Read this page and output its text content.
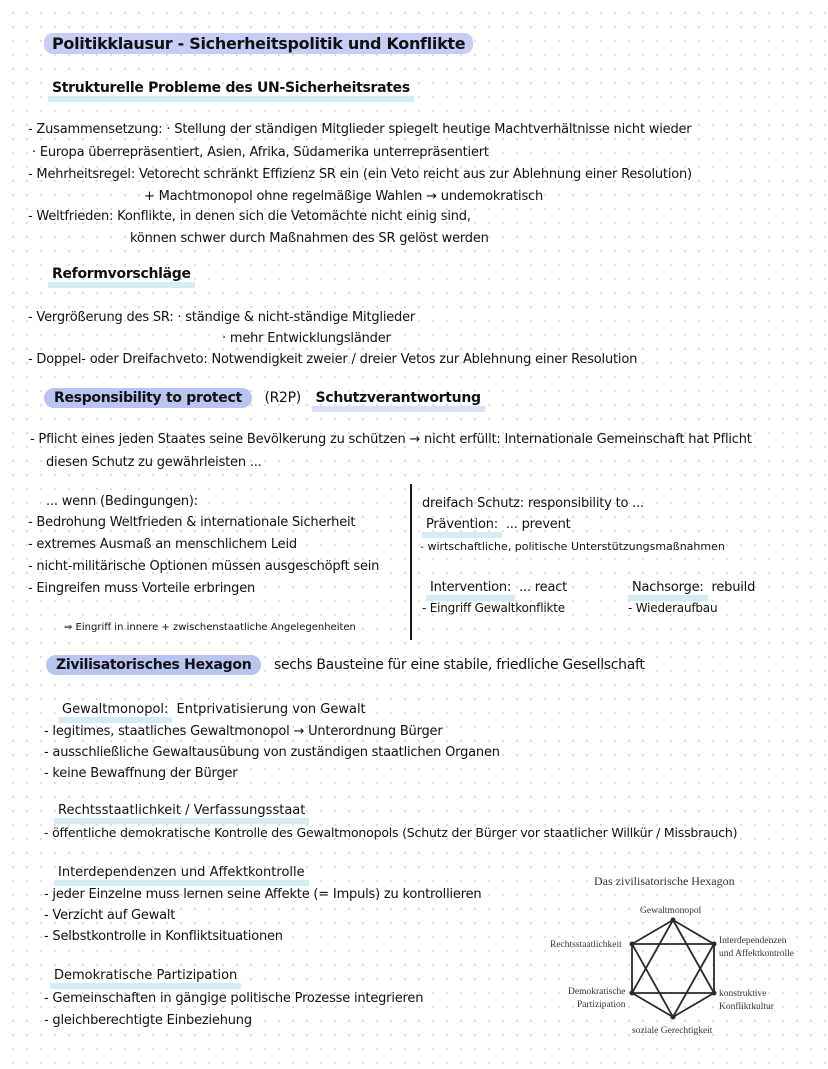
Politikklausur - Sicherheitspolitik und Konflikte
Strukturelle Probleme des UN-Sicherheitsrates
- Zusammensetzung: · Stellung der ständigen Mitglieder spiegelt heutige Machtverhältnisse nicht wieder
· Europa überrepräsentiert, Asien, Afrika, Südamerika unterrepräsentiert
- Mehrheitsregel: Vetorecht schränkt Effizienz SR ein (ein Veto reicht aus zur Ablehnung einer Resolution)
+ Machtmonopol ohne regelmäßige Wahlen → undemokratisch
- Weltfrieden: Konflikte, in denen sich die Vetomächte nicht einig sind,
können schwer durch Maßnahmen des SR gelöst werden
Reformvorschläge
- Vergrößerung des SR: · ständige & nicht-ständige Mitglieder
· mehr Entwicklungsländer
- Doppel- oder Dreifachveto: Notwendigkeit zweier / dreier Vetos zur Ablehnung einer Resolution
Responsibility to protect (R2P) Schutzverantwortung
- Pflicht eines jeden Staates seine Bevölkerung zu schützen → nicht erfüllt: Internationale Gemeinschaft hat Pflicht
diesen Schutz zu gewährleisten ...
... wenn (Bedingungen):
- Bedrohung Weltfrieden & internationale Sicherheit
- extremes Ausmaß an menschlichem Leid
- nicht-militärische Optionen müssen ausgeschöpft sein
- Eingreifen muss Vorteile erbringen
⇒ Eingriff in innere + zwischenstaatliche Angelegenheiten
dreifach Schutz: responsibility to ...
Prävention: ... prevent
- wirtschaftliche, politische Unterstützungsmaßnahmen
Intervention: ... react
- Eingriff Gewaltkonflikte
Nachsorge: rebuild
- Wiederaufbau
Zivilisatorisches Hexagon sechs Bausteine für eine stabile, friedliche Gesellschaft
Gewaltmonopol: Entprivatisierung von Gewalt
- legitimes, staatliches Gewaltmonopol → Unterordnung Bürger
- ausschließliche Gewaltausübung von zuständigen staatlichen Organen
- keine Bewaffnung der Bürger
Rechtsstaatlichkeit / Verfassungsstaat
- öffentliche demokratische Kontrolle des Gewaltmonopols (Schutz der Bürger vor staatlicher Willkür / Missbrauch)
Interdependenzen und Affektkontrolle
- jeder Einzelne muss lernen seine Affekte (= Impuls) zu kontrollieren
- Verzicht auf Gewalt
- Selbstkontrolle in Konfliktsituationen
Demokratische Partizipation
- Gemeinschaften in gängige politische Prozesse integrieren
- gleichberechtigte Einbeziehung
Das zivilisatorische Hexagon
Gewaltmonopol
Rechtsstaatlichkeit	Interdependenzen
und Affektkontrolle
Demokratische
Partizipation
konstruktive
Konfliktkultur
soziale Gerechtigkeit
